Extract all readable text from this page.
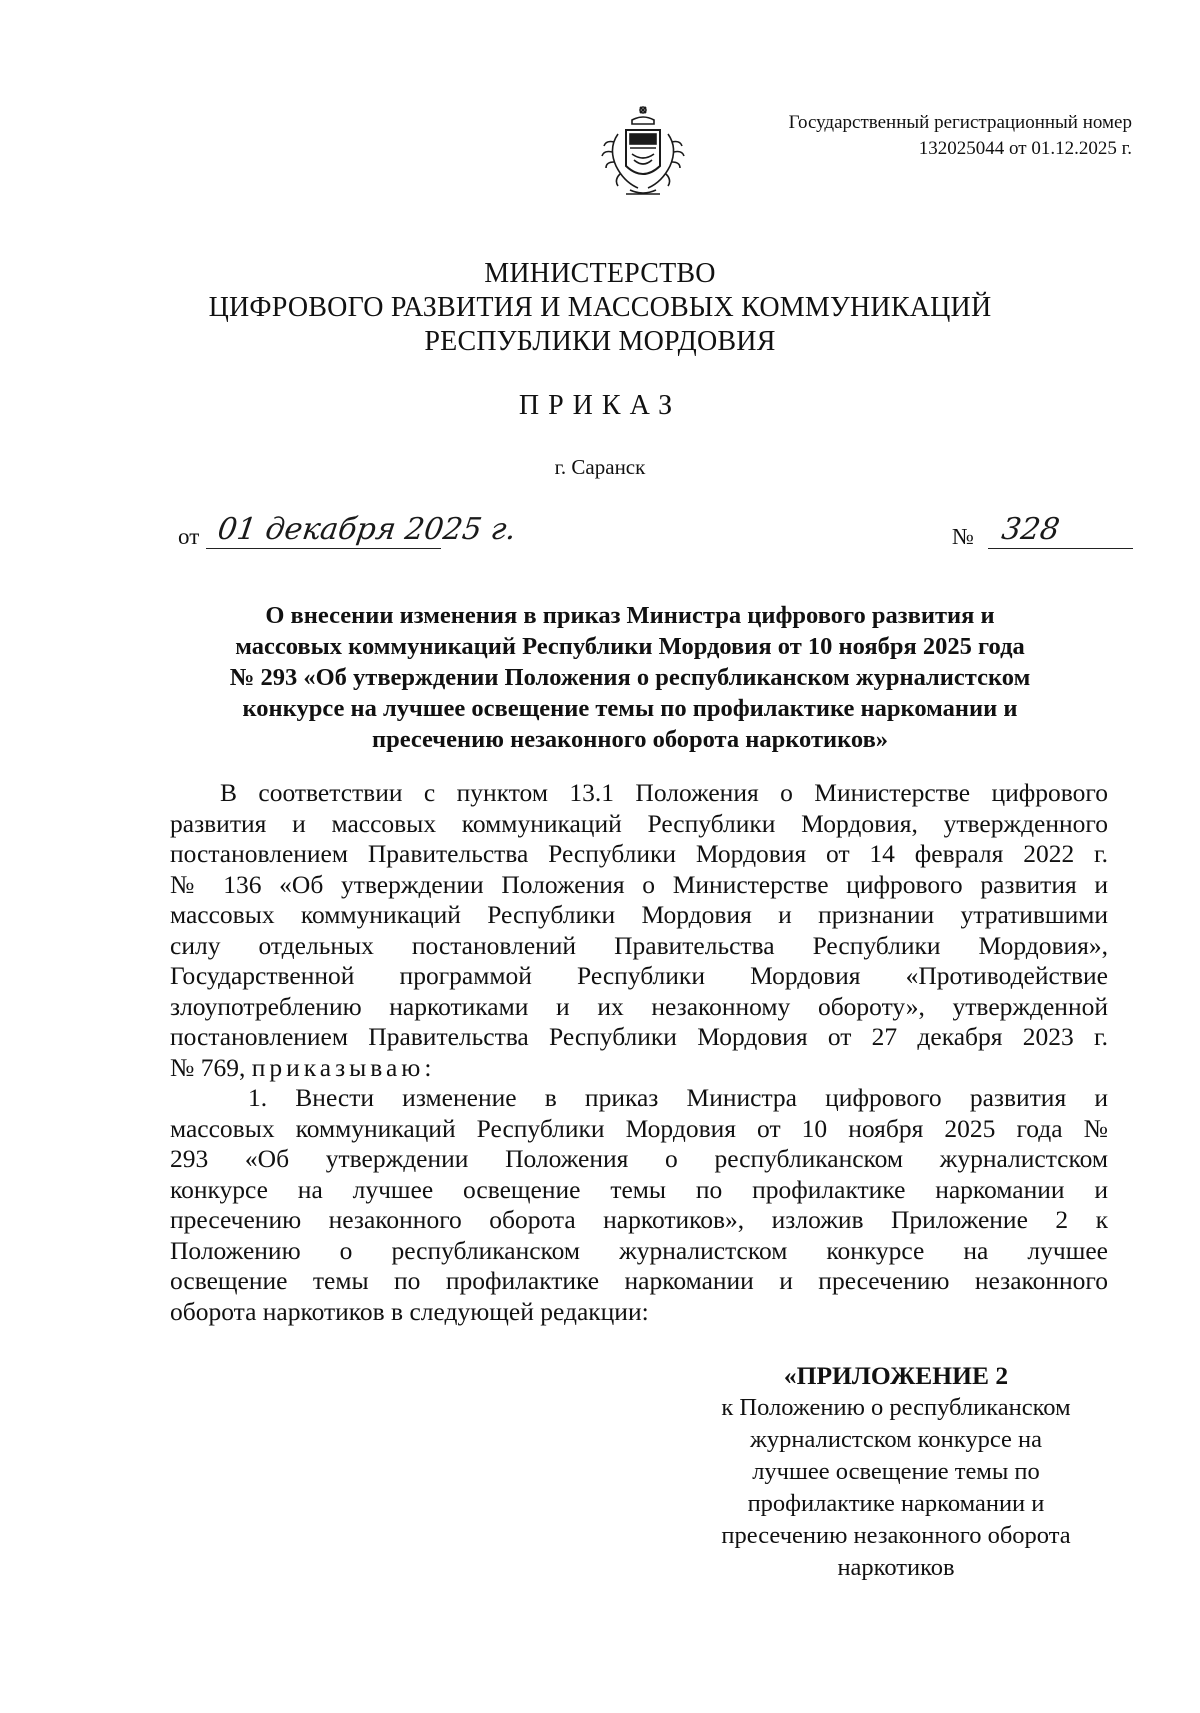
Государственный регистрационный номер
132025044 от 01.12.2025 г.
МИНИСТЕРСТВО
ЦИФРОВОГО РАЗВИТИЯ И МАССОВЫХ КОММУНИКАЦИЙ
РЕСПУБЛИКИ МОРДОВИЯ
ПРИКАЗ
г. Саранск
от 01 декабря 2025 г.	№ 328
О внесении изменения в приказ Министра цифрового развития и
массовых коммуникаций Республики Мордовия от 10 ноября 2025 года
№ 293 «Об утверждении Положения о республиканском журналистском
конкурсе на лучшее освещение темы по профилактике наркомании и
пресечению незаконного оборота наркотиков»
В соответствии с пунктом 13.1 Положения о Министерстве цифрового
развития и массовых коммуникаций Республики Мордовия, утвержденного
постановлением Правительства Республики Мордовия от 14 февраля 2022 г.
№ 136 «Об утверждении Положения о Министерстве цифрового развития и
массовых коммуникаций Республики Мордовия и признании утратившими
силу отдельных постановлений Правительства Республики Мордовия»,
Государственной программой Республики Мордовия «Противодействие
злоупотреблению наркотиками и их незаконному обороту», утвержденной
постановлением Правительства Республики Мордовия от 27 декабря 2023 г.
№ 769, приказываю:
1. Внести изменение в приказ Министра цифрового развития и
массовых коммуникаций Республики Мордовия от 10 ноября 2025 года №
293 «Об утверждении Положения о республиканском журналистском
конкурсе на лучшее освещение темы по профилактике наркомании и
пресечению незаконного оборота наркотиков», изложив Приложение 2 к
Положению о республиканском журналистском конкурсе на лучшее
освещение темы по профилактике наркомании и пресечению незаконного
оборота наркотиков в следующей редакции:
«ПРИЛОЖЕНИЕ 2
к Положению о республиканском
журналистском конкурсе на
лучшее освещение темы по
профилактике наркомании и
пресечению незаконного оборота
наркотиков
